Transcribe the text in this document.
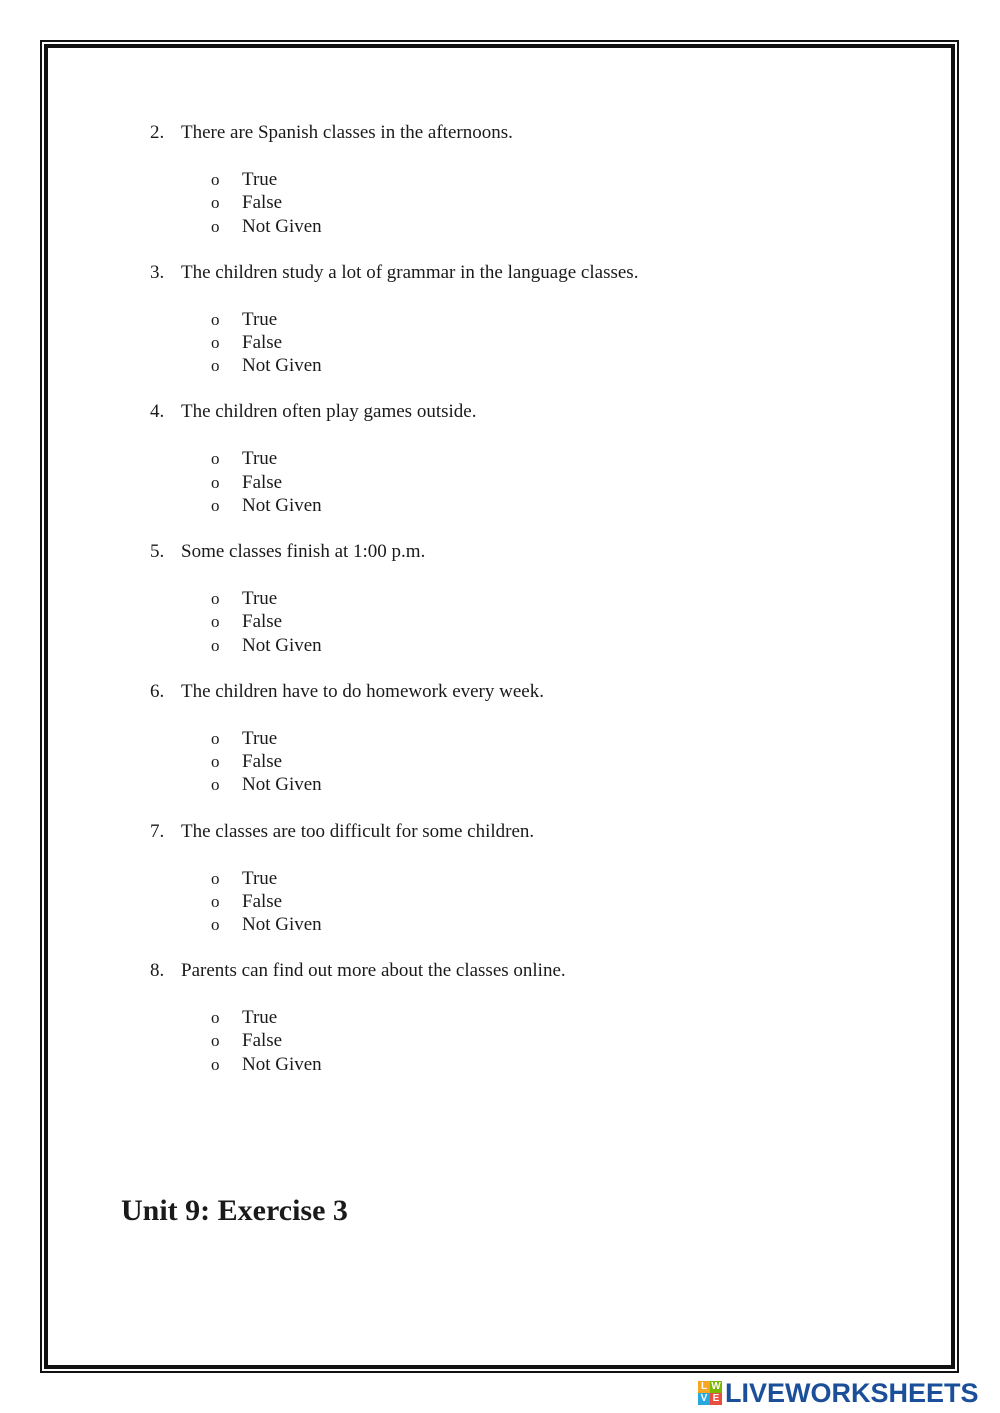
2. There are Spanish classes in the afternoons.
o True
o False
o Not Given
3. The children study a lot of grammar in the language classes.
o True
o False
o Not Given
4. The children often play games outside.
o True
o False
o Not Given
5. Some classes finish at 1:00 p.m.
o True
o False
o Not Given
6. The children have to do homework every week.
o True
o False
o Not Given
7. The classes are too difficult for some children.
o True
o False
o Not Given
8. Parents can find out more about the classes online.
o True
o False
o Not Given
Unit 9: Exercise 3
L W
V E LIVEWORKSHEETS
